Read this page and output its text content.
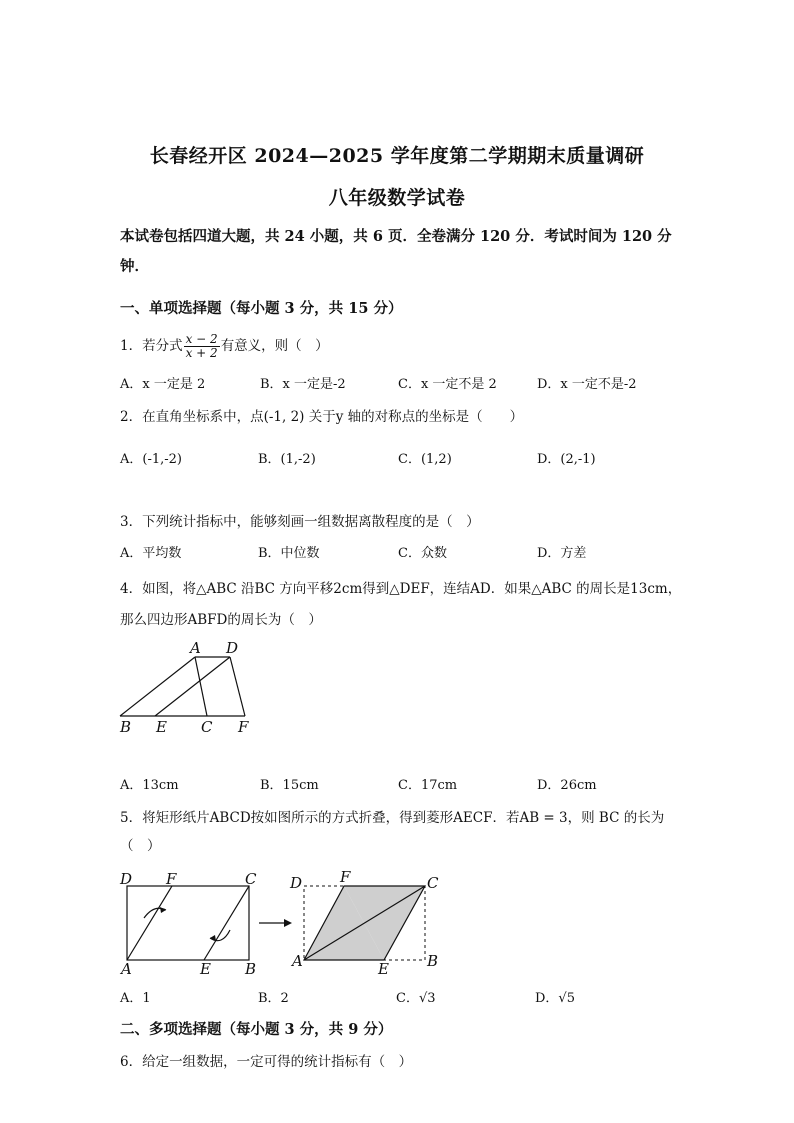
长春经开区 2024—2025 学年度第二学期期末质量调研
八年级数学试卷
本试卷包括四道大题，共 24 小题，共 6 页．全卷满分 120 分．考试时间为 120 分钟．
一、单项选择题（每小题 3 分，共 15 分）
1．若分式 $\frac{x - 2}{x + 2}$ 有意义，则（　）
A．x 一定是 2	B．x 一定是-2	C．x 一定不是 2	D．x 一定不是-2
2．在直角坐标系中，点(-1, 2) 关于y 轴的对称点的坐标是（　　）
A．(-1,-2)	B．(1,-2)	C．(1,2)	D．(2,-1)
3．下列统计指标中，能够刻画一组数据离散程度的是（　）
A．平均数	B．中位数	C．众数	D．方差
4．如图，将△ABC 沿BC 方向平移2cm得到△DEF，连结AD．如果△ABC 的周长是13cm，
那么四边形ABFD的周长为（　）
A D
B E C F
A．13cm	B．15cm	C．17cm	D．26cm
5．将矩形纸片ABCD按如图所示的方式折叠，得到菱形AECF．若AB = 3，则 BC 的长为
（　）
D F	C
A	E B
D	F	C
A	E	B
A．1	B．2	C．√3	D．√5
二、多项选择题（每小题 3 分，共 9 分）
6．给定一组数据，一定可得的统计指标有（　）
